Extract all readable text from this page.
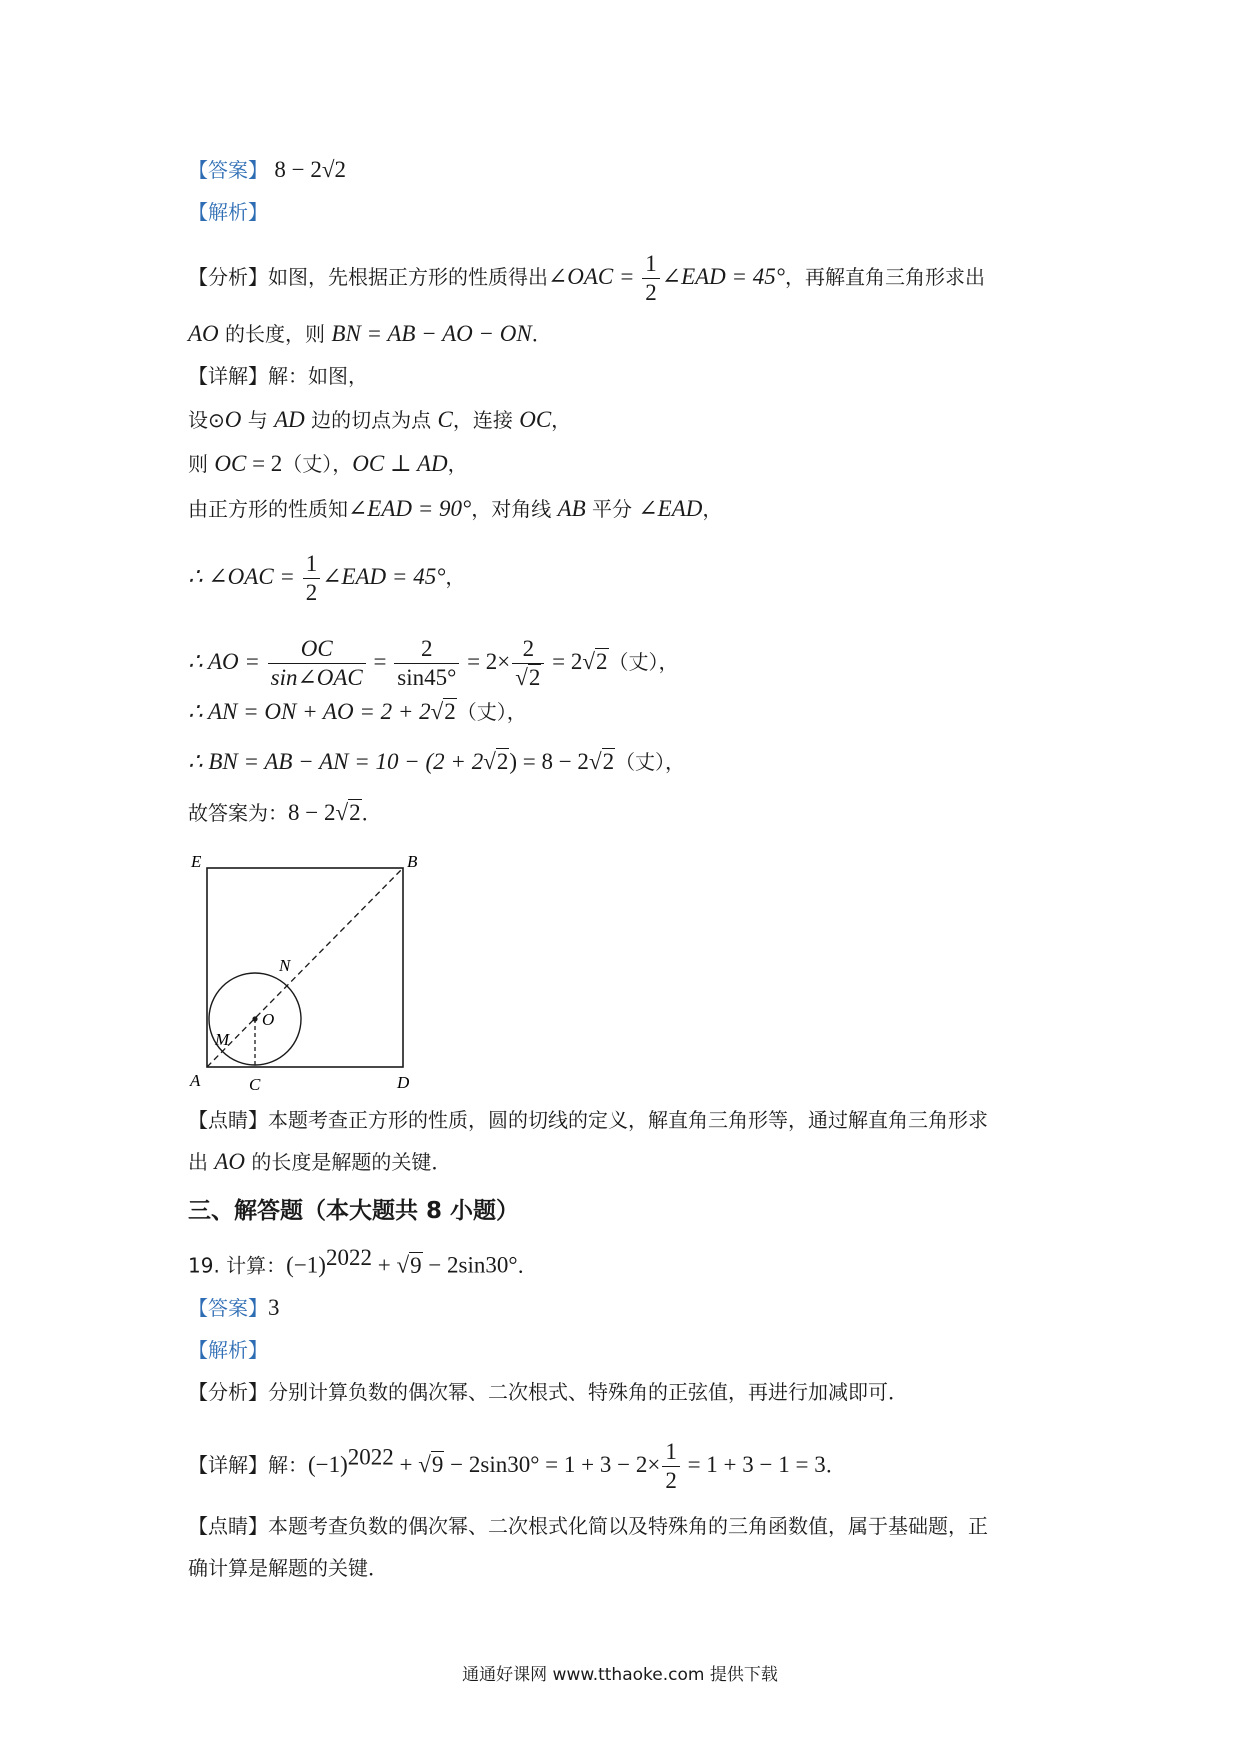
【答案】 8 − 2√2
【解析】
【分析】如图，先根据正方形的性质得出∠OAC = $\frac{1}{2}$ ∠EAD = 45°，再解直角三角形求出
AO 的长度，则 BN = AB − AO − ON．
【详解】解：如图，
设⊙O 与 AD 边的切点为点 C，连接 OC，
则 OC = 2（丈），OC ⊥ AD，
由正方形的性质知∠EAD = 90°，对角线 AB 平分 ∠EAD，
∴ ∠OAC = $\frac{1}{2}$ ∠EAD = 45°，
∴ AO = $\frac{OC}{\text{sin∠OAC}} = \frac{2}{\sin 45^\circ} = 2\times \frac{2}{√2} = 2√2$（丈），
∴ AN = ON + AO = 2 + 2√2（丈），
∴ BN = AB − AN = 10 − (2 + 2√2) = 8 − 2√2（丈），
故答案为：8 − 2√2．
E	B
N
O
M
A	C	D
【点睛】本题考查正方形的性质，圆的切线的定义，解直角三角形等，通过解直角三角形求
出 AO 的长度是解题的关键．
三、解答题（本大题共 8 小题）
19. 计算：$(-1)^{2022} + √9 - 2\sin 30^\circ$．
【答案】3
【解析】
【分析】分别计算负数的偶次幂、二次根式、特殊角的正弦值，再进行加减即可．
【详解】解：$(-1)^{2022} + √9 - 2\sin 30^\circ = 1 + 3 - 2\times \frac{1}{2} = 1 + 3 - 1 = 3$．
【点睛】本题考查负数的偶次幂、二次根式化简以及特殊角的三角函数值，属于基础题，正
确计算是解题的关键．
通通好课网 www.tthaoke.com 提供下载
